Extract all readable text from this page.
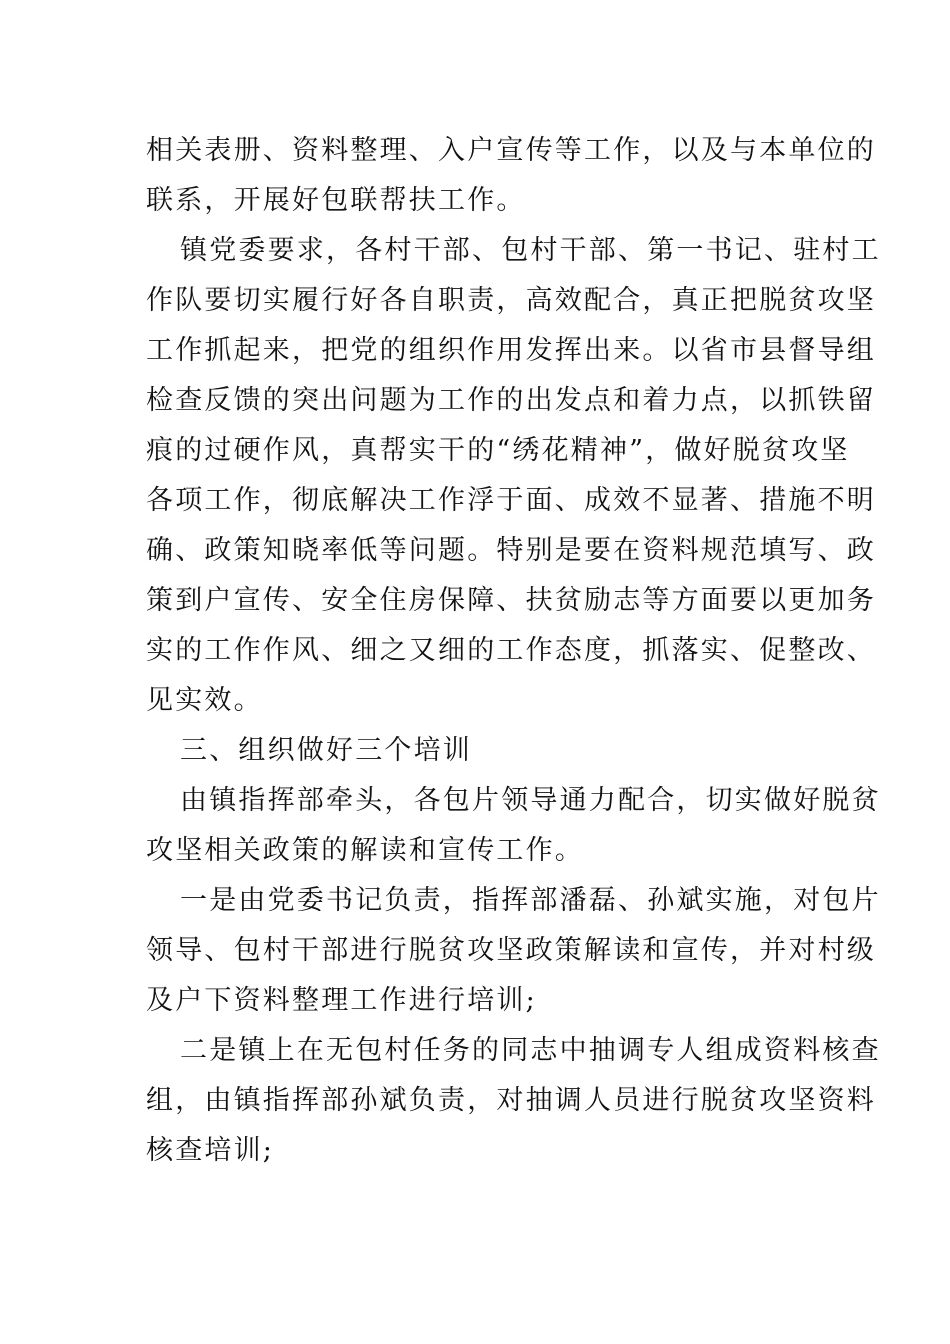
相关表册、资料整理、入户宣传等工作，以及与本单位的
联系，开展好包联帮扶工作。
镇党委要求，各村干部、包村干部、第一书记、驻村工
作队要切实履行好各自职责，高效配合，真正把脱贫攻坚
工作抓起来，把党的组织作用发挥出来。以省市县督导组
检查反馈的突出问题为工作的出发点和着力点，以抓铁留
痕的过硬作风，真帮实干的“绣花精神”，做好脱贫攻坚
各项工作，彻底解决工作浮于面、成效不显著、措施不明
确、政策知晓率低等问题。特别是要在资料规范填写、政
策到户宣传、安全住房保障、扶贫励志等方面要以更加务
实的工作作风、细之又细的工作态度，抓落实、促整改、
见实效。
三、组织做好三个培训
由镇指挥部牵头，各包片领导通力配合，切实做好脱贫
攻坚相关政策的解读和宣传工作。
一是由党委书记负责，指挥部潘磊、孙斌实施，对包片
领导、包村干部进行脱贫攻坚政策解读和宣传，并对村级
及户下资料整理工作进行培训;
二是镇上在无包村任务的同志中抽调专人组成资料核查
组，由镇指挥部孙斌负责，对抽调人员进行脱贫攻坚资料
核查培训;
